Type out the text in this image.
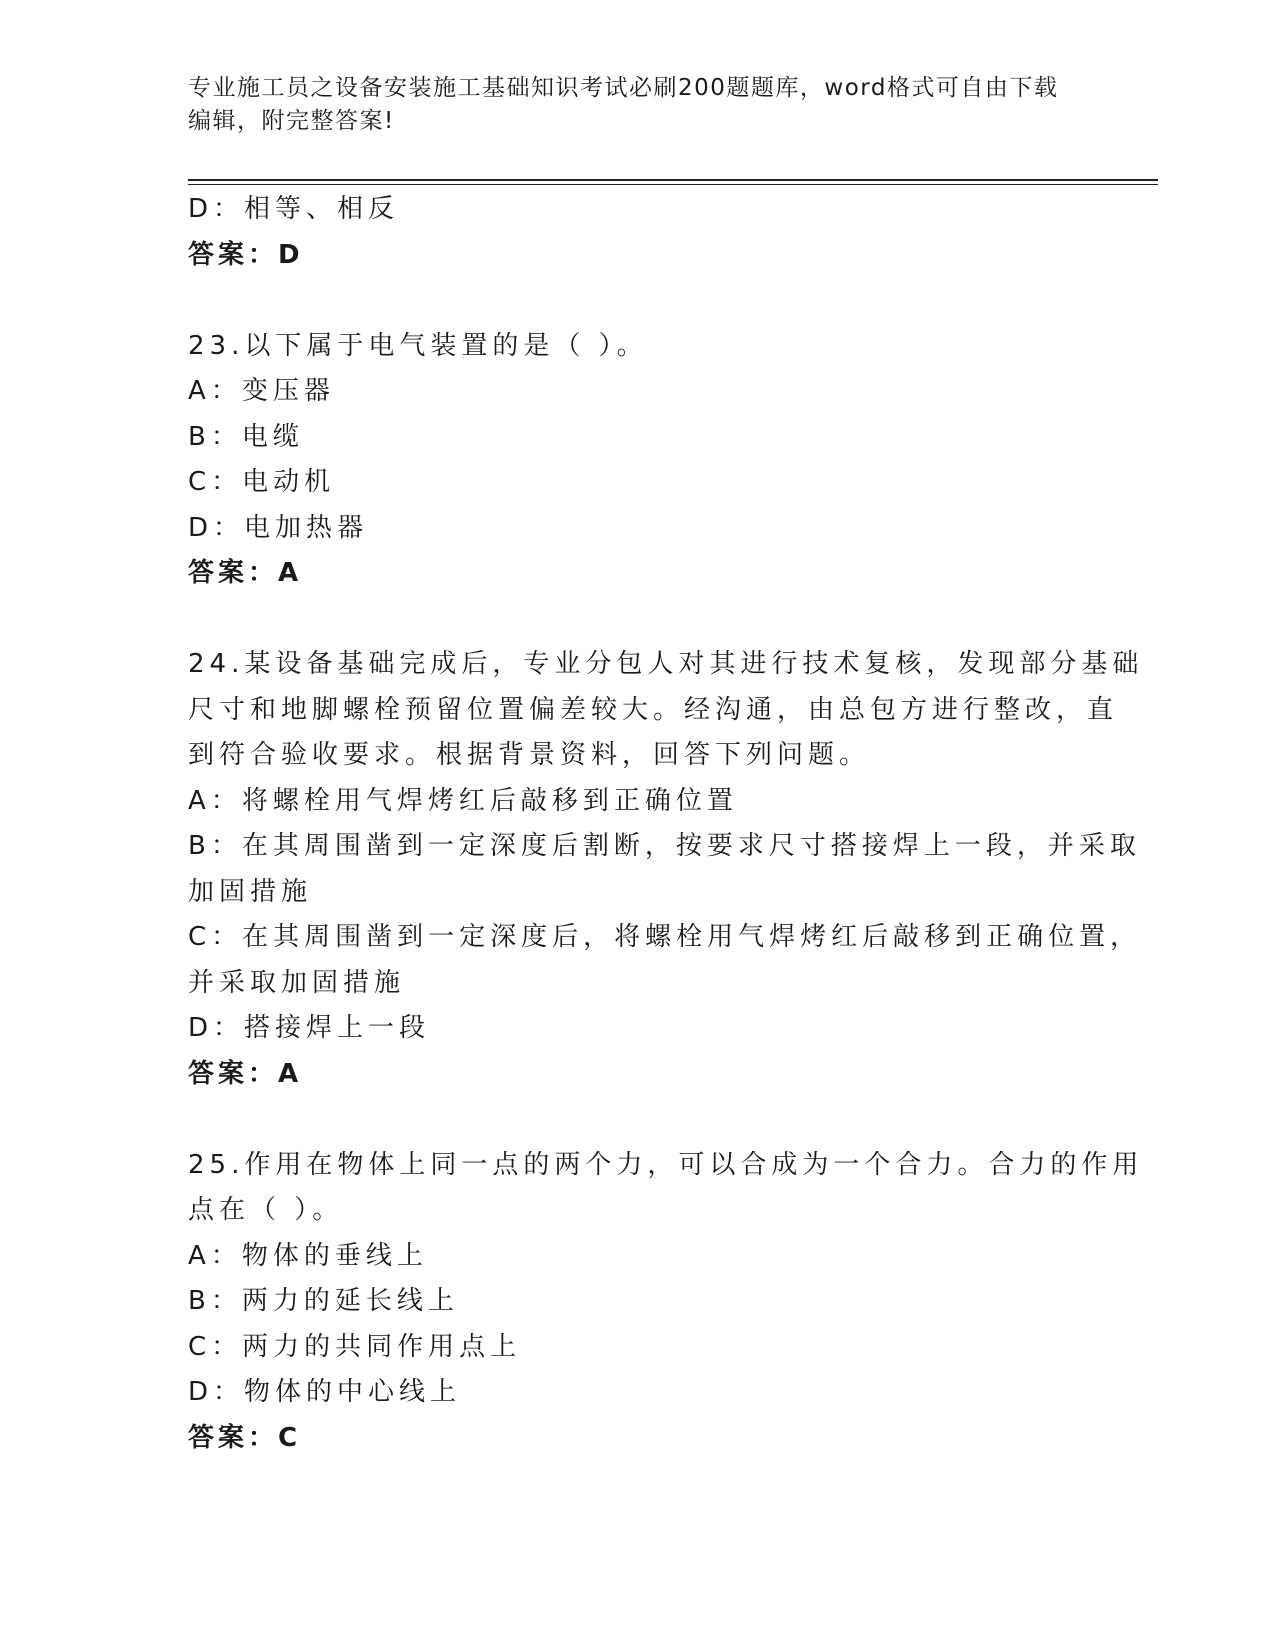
专业施工员之设备安装施工基础知识考试必刷200题题库，word格式可自由下载
编辑，附完整答案!
D：相等、相反
答案：D
23.以下属于电气装置的是（ ）。
A：变压器
B：电缆
C：电动机
D：电加热器
答案：A
24.某设备基础完成后，专业分包人对其进行技术复核，发现部分基础
尺寸和地脚螺栓预留位置偏差较大。经沟通，由总包方进行整改，直
到符合验收要求。根据背景资料，回答下列问题。
A：将螺栓用气焊烤红后敲移到正确位置
B：在其周围凿到一定深度后割断，按要求尺寸搭接焊上一段，并采取
加固措施
C：在其周围凿到一定深度后，将螺栓用气焊烤红后敲移到正确位置，
并采取加固措施
D：搭接焊上一段
答案：A
25.作用在物体上同一点的两个力，可以合成为一个合力。合力的作用
点在（ ）。
A：物体的垂线上
B：两力的延长线上
C：两力的共同作用点上
D：物体的中心线上
答案：C
